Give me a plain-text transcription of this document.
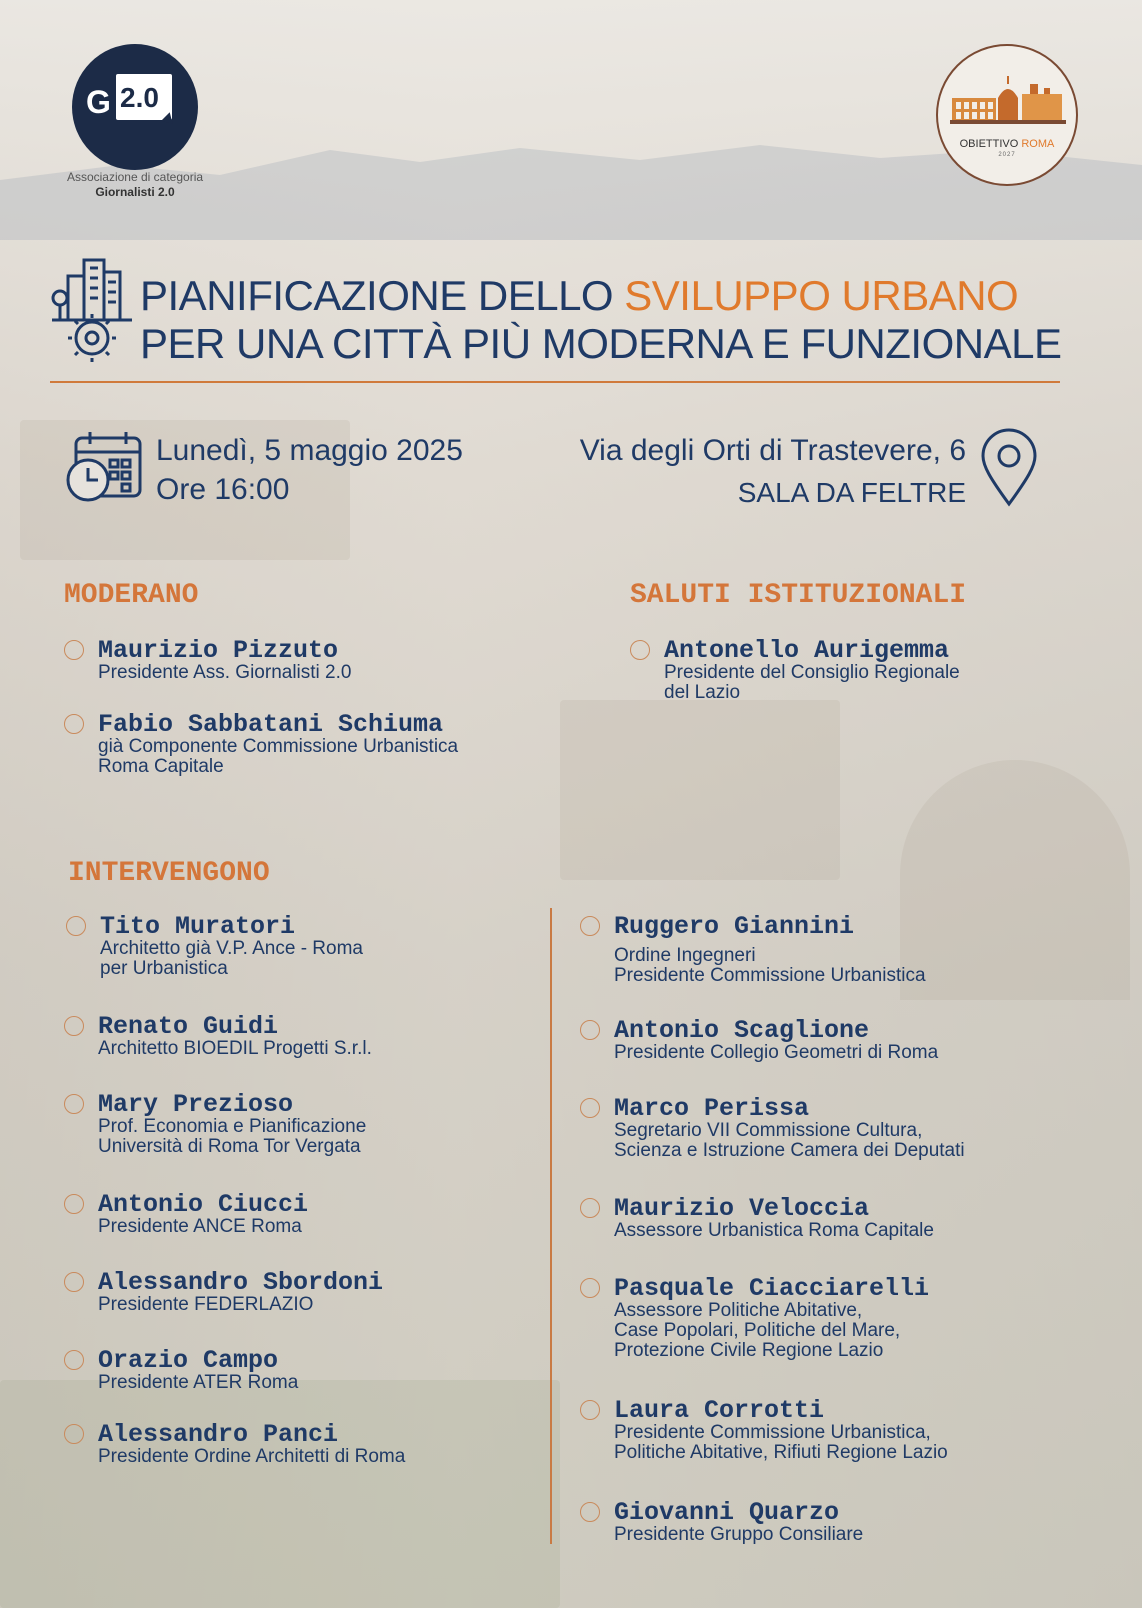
G 2.0
Associazione di categoria
Giornalisti 2.0
OBIETTIVO ROMA
2027
PIANIFICAZIONE DELLO SVILUPPO URBANO
PER UNA CITTÀ PIÙ MODERNA E FUNZIONALE
Lunedì, 5 maggio 2025
Ore 16:00
Via degli Orti di Trastevere, 6
SALA DA FELTRE
MODERANO
Maurizio Pizzuto
Presidente Ass. Giornalisti 2.0
Fabio Sabbatani Schiuma
già Componente Commissione Urbanistica
Roma Capitale
SALUTI ISTITUZIONALI
Antonello Aurigemma
Presidente del Consiglio Regionale
del Lazio
INTERVENGONO
Tito Muratori
Architetto già V.P. Ance - Roma
per Urbanistica
Renato Guidi
Architetto BIOEDIL Progetti S.r.l.
Mary Prezioso
Prof. Economia e Pianificazione
Università di Roma Tor Vergata
Antonio Ciucci
Presidente ANCE Roma
Alessandro Sbordoni
Presidente FEDERLAZIO
Orazio Campo
Presidente ATER Roma
Alessandro Panci
Presidente Ordine Architetti di Roma
Ruggero Giannini
Ordine Ingegneri
Presidente Commissione Urbanistica
Antonio Scaglione
Presidente Collegio Geometri di Roma
Marco Perissa
Segretario VII Commissione Cultura,
Scienza e Istruzione Camera dei Deputati
Maurizio Veloccia
Assessore Urbanistica Roma Capitale
Pasquale Ciacciarelli
Assessore Politiche Abitative,
Case Popolari, Politiche del Mare,
Protezione Civile Regione Lazio
Laura Corrotti
Presidente Commissione Urbanistica,
Politiche Abitative, Rifiuti Regione Lazio
Giovanni Quarzo
Presidente Gruppo Consiliare
